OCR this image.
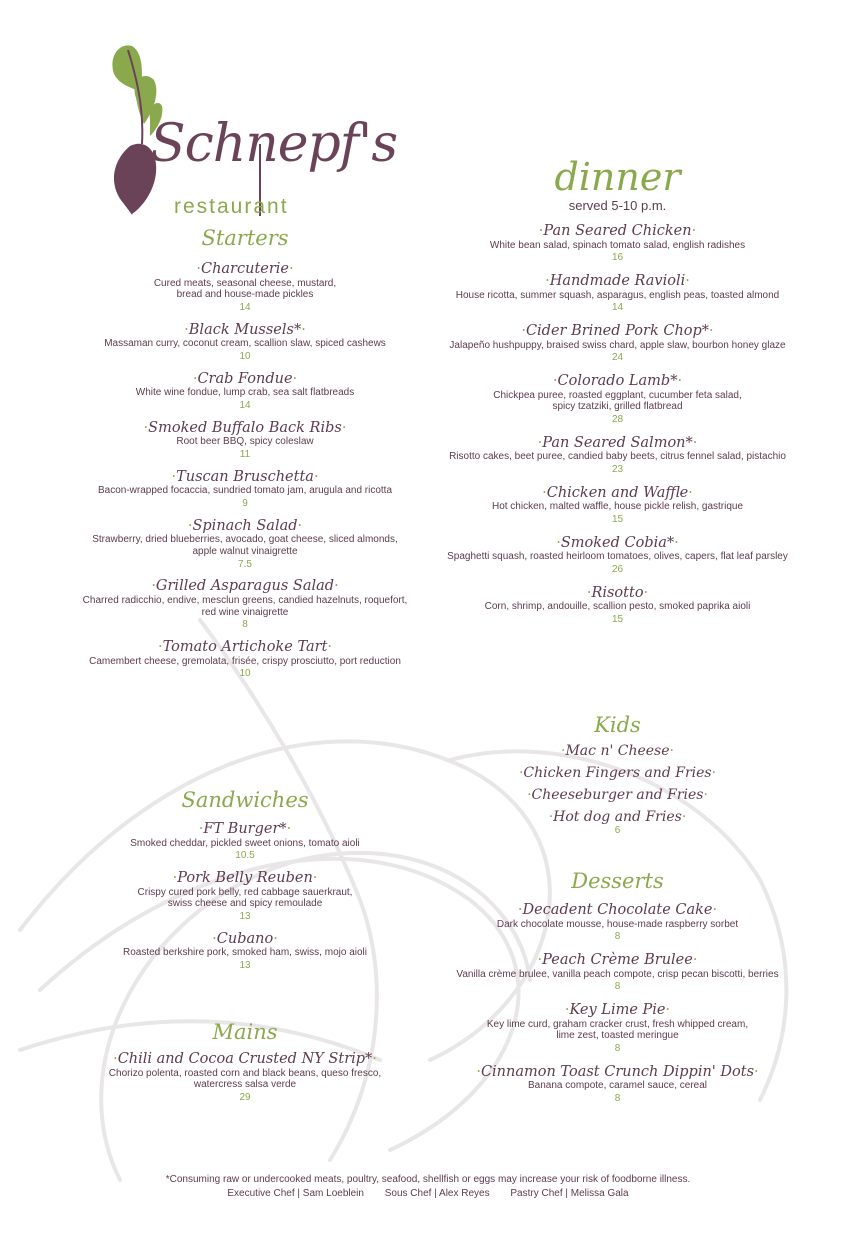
Schnepf's
restaurant
Starters
·Charcuterie·
Cured meats, seasonal cheese, mustard,
bread and house-made pickles
14
·Black Mussels*·
Massaman curry, coconut cream, scallion slaw, spiced cashews
10
·Crab Fondue·
White wine fondue, lump crab, sea salt flatbreads
14
·Smoked Buffalo Back Ribs·
Root beer BBQ, spicy coleslaw
11
·Tuscan Bruschetta·
Bacon-wrapped focaccia, sundried tomato jam, arugula and ricotta
9
·Spinach Salad·
Strawberry, dried blueberries, avocado, goat cheese, sliced almonds,
apple walnut vinaigrette
7.5
·Grilled Asparagus Salad·
Charred radicchio, endive, mesclun greens, candied hazelnuts, roquefort,
red wine vinaigrette
8
·Tomato Artichoke Tart·
Camembert cheese, gremolata, frisée, crispy prosciutto, port reduction
10
Sandwiches
·FT Burger*·
Smoked cheddar, pickled sweet onions, tomato aioli
10.5
·Pork Belly Reuben·
Crispy cured pork belly, red cabbage sauerkraut,
swiss cheese and spicy remoulade
13
·Cubano·
Roasted berkshire pork, smoked ham, swiss, mojo aioli
13
Mains
·Chili and Cocoa Crusted NY Strip*·
Chorizo polenta, roasted corn and black beans, queso fresco,
watercress salsa verde
29
dinner
served 5-10 p.m.
·Pan Seared Chicken·
White bean salad, spinach tomato salad, english radishes
16
·Handmade Ravioli·
House ricotta, summer squash, asparagus, english peas, toasted almond
14
·Cider Brined Pork Chop*·
Jalapeño hushpuppy, braised swiss chard, apple slaw, bourbon honey glaze
24
·Colorado Lamb*·
Chickpea puree, roasted eggplant, cucumber feta salad,
spicy tzatziki, grilled flatbread
28
·Pan Seared Salmon*·
Risotto cakes, beet puree, candied baby beets, citrus fennel salad, pistachio
23
·Chicken and Waffle·
Hot chicken, malted waffle, house pickle relish, gastrique
15
·Smoked Cobia*·
Spaghetti squash, roasted heirloom tomatoes, olives, capers, flat leaf parsley
26
·Risotto·
Corn, shrimp, andouille, scallion pesto, smoked paprika aioli
15
Kids
·Mac n' Cheese·
·Chicken Fingers and Fries·
·Cheeseburger and Fries·
·Hot dog and Fries·
6
Desserts
·Decadent Chocolate Cake·
Dark chocolate mousse, house-made raspberry sorbet
8
·Peach Crème Brulee·
Vanilla crème brulee, vanilla peach compote, crisp pecan biscotti, berries
8
·Key Lime Pie·
Key lime curd, graham cracker crust, fresh whipped cream,
lime zest, toasted meringue
8
·Cinnamon Toast Crunch Dippin' Dots·
Banana compote, caramel sauce, cereal
8
*Consuming raw or undercooked meats, poultry, seafood, shellfish or eggs may increase your risk of foodborne illness.
Executive Chef | Sam Loeblein Sous Chef | Alex Reyes Pastry Chef | Melissa Gala
